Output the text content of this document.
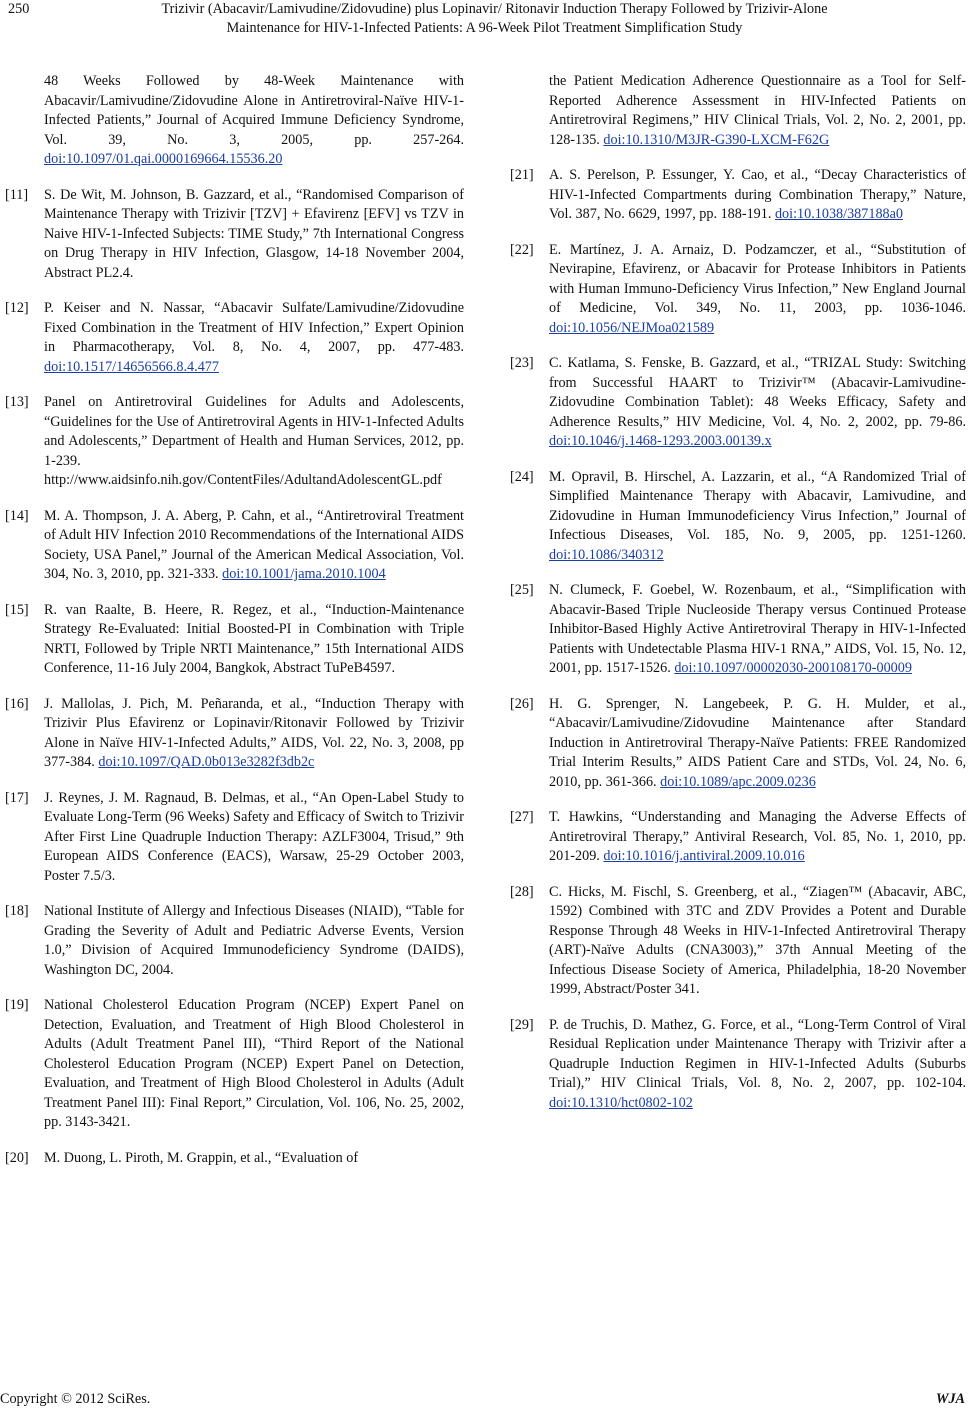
250	Trizivir (Abacavir/Lamivudine/Zidovudine) plus Lopinavir/ Ritonavir Induction Therapy Followed by Trizivir-Alone
Maintenance for HIV-1-Infected Patients: A 96-Week Pilot Treatment Simplification Study
48 Weeks Followed by 48-Week Maintenance with Abacavir/Lamivudine/Zidovudine Alone in Antiretroviral-Naïve HIV-1-Infected Patients,” Journal of Acquired Immune Deficiency Syndrome, Vol. 39, No. 3, 2005, pp. 257-264. doi:10.1097/01.qai.0000169664.15536.20
[11]	S. De Wit, M. Johnson, B. Gazzard, et al., “Randomised Comparison of Maintenance Therapy with Trizivir [TZV] + Efavirenz [EFV] vs TZV in Naive HIV-1-Infected Subjects: TIME Study,” 7th International Congress on Drug Therapy in HIV Infection, Glasgow, 14-18 November 2004, Abstract PL2.4.
[12]	P. Keiser and N. Nassar, “Abacavir Sulfate/Lamivudine/Zidovudine Fixed Combination in the Treatment of HIV Infection,” Expert Opinion in Pharmacotherapy, Vol. 8, No. 4, 2007, pp. 477-483. doi:10.1517/14656566.8.4.477
[13]	Panel on Antiretroviral Guidelines for Adults and Adolescents, “Guidelines for the Use of Antiretroviral Agents in HIV-1-Infected Adults and Adolescents,” Department of Health and Human Services, 2012, pp. 1-239.
http://www.aidsinfo.nih.gov/ContentFiles/AdultandAdolescentGL.pdf
[14]	M. A. Thompson, J. A. Aberg, P. Cahn, et al., “Antiretroviral Treatment of Adult HIV Infection 2010 Recommendations of the International AIDS Society, USA Panel,” Journal of the American Medical Association, Vol. 304, No. 3, 2010, pp. 321-333. doi:10.1001/jama.2010.1004
[15]	R. van Raalte, B. Heere, R. Regez, et al., “Induction-Maintenance Strategy Re-Evaluated: Initial Boosted-PI in Combination with Triple NRTI, Followed by Triple NRTI Maintenance,” 15th International AIDS Conference, 11-16 July 2004, Bangkok, Abstract TuPeB4597.
[16]	J. Mallolas, J. Pich, M. Peñaranda, et al., “Induction Therapy with Trizivir Plus Efavirenz or Lopinavir/Ritonavir Followed by Trizivir Alone in Naïve HIV-1-Infected Adults,” AIDS, Vol. 22, No. 3, 2008, pp 377-384. doi:10.1097/QAD.0b013e3282f3db2c
[17]	J. Reynes, J. M. Ragnaud, B. Delmas, et al., “An Open-Label Study to Evaluate Long-Term (96 Weeks) Safety and Efficacy of Switch to Trizivir After First Line Quadruple Induction Therapy: AZLF3004, Trisud,” 9th European AIDS Conference (EACS), Warsaw, 25-29 October 2003, Poster 7.5/3.
[18]	National Institute of Allergy and Infectious Diseases (NIAID), “Table for Grading the Severity of Adult and Pediatric Adverse Events, Version 1.0,” Division of Acquired Immunodeficiency Syndrome (DAIDS), Washington DC, 2004.
[19]	National Cholesterol Education Program (NCEP) Expert Panel on Detection, Evaluation, and Treatment of High Blood Cholesterol in Adults (Adult Treatment Panel III), “Third Report of the National Cholesterol Education Program (NCEP) Expert Panel on Detection, Evaluation, and Treatment of High Blood Cholesterol in Adults (Adult Treatment Panel III): Final Report,” Circulation, Vol. 106, No. 25, 2002, pp. 3143-3421.
[20]	M. Duong, L. Piroth, M. Grappin, et al., “Evaluation of
the Patient Medication Adherence Questionnaire as a Tool for Self-Reported Adherence Assessment in HIV-Infected Patients on Antiretroviral Regimens,” HIV Clinical Trials, Vol. 2, No. 2, 2001, pp. 128-135. doi:10.1310/M3JR-G390-LXCM-F62G
[21]	A. S. Perelson, P. Essunger, Y. Cao, et al., “Decay Characteristics of HIV-1-Infected Compartments during Combination Therapy,” Nature, Vol. 387, No. 6629, 1997, pp. 188-191. doi:10.1038/387188a0
[22]	E. Martínez, J. A. Arnaiz, D. Podzamczer, et al., “Substitution of Nevirapine, Efavirenz, or Abacavir for Protease Inhibitors in Patients with Human Immuno-Deficiency Virus Infection,” New England Journal of Medicine, Vol. 349, No. 11, 2003, pp. 1036-1046. doi:10.1056/NEJMoa021589
[23]	C. Katlama, S. Fenske, B. Gazzard, et al., “TRIZAL Study: Switching from Successful HAART to Trizivir™ (Abacavir-Lamivudine-Zidovudine Combination Tablet): 48 Weeks Efficacy, Safety and Adherence Results,” HIV Medicine, Vol. 4, No. 2, 2002, pp. 79-86. doi:10.1046/j.1468-1293.2003.00139.x
[24]	M. Opravil, B. Hirschel, A. Lazzarin, et al., “A Randomized Trial of Simplified Maintenance Therapy with Abacavir, Lamivudine, and Zidovudine in Human Immunodeficiency Virus Infection,” Journal of Infectious Diseases, Vol. 185, No. 9, 2005, pp. 1251-1260. doi:10.1086/340312
[25]	N. Clumeck, F. Goebel, W. Rozenbaum, et al., “Simplification with Abacavir-Based Triple Nucleoside Therapy versus Continued Protease Inhibitor-Based Highly Active Antiretroviral Therapy in HIV-1-Infected Patients with Undetectable Plasma HIV-1 RNA,” AIDS, Vol. 15, No. 12, 2001, pp. 1517-1526. doi:10.1097/00002030-200108170-00009
[26]	H. G. Sprenger, N. Langebeek, P. G. H. Mulder, et al., “Abacavir/Lamivudine/Zidovudine Maintenance after Standard Induction in Antiretroviral Therapy-Naïve Patients: FREE Randomized Trial Interim Results,” AIDS Patient Care and STDs, Vol. 24, No. 6, 2010, pp. 361-366. doi:10.1089/apc.2009.0236
[27]	T. Hawkins, “Understanding and Managing the Adverse Effects of Antiretroviral Therapy,” Antiviral Research, Vol. 85, No. 1, 2010, pp. 201-209. doi:10.1016/j.antiviral.2009.10.016
[28]	C. Hicks, M. Fischl, S. Greenberg, et al., “Ziagen™ (Abacavir, ABC, 1592) Combined with 3TC and ZDV Provides a Potent and Durable Response Through 48 Weeks in HIV-1-Infected Antiretroviral Therapy (ART)-Naïve Adults (CNA3003),” 37th Annual Meeting of the Infectious Disease Society of America, Philadelphia, 18-20 November 1999, Abstract/Poster 341.
[29]	P. de Truchis, D. Mathez, G. Force, et al., “Long-Term Control of Viral Residual Replication under Maintenance Therapy with Trizivir after a Quadruple Induction Regimen in HIV-1-Infected Adults (Suburbs Trial),” HIV Clinical Trials, Vol. 8, No. 2, 2007, pp. 102-104. doi:10.1310/hct0802-102
Copyright © 2012 SciRes.	WJA
